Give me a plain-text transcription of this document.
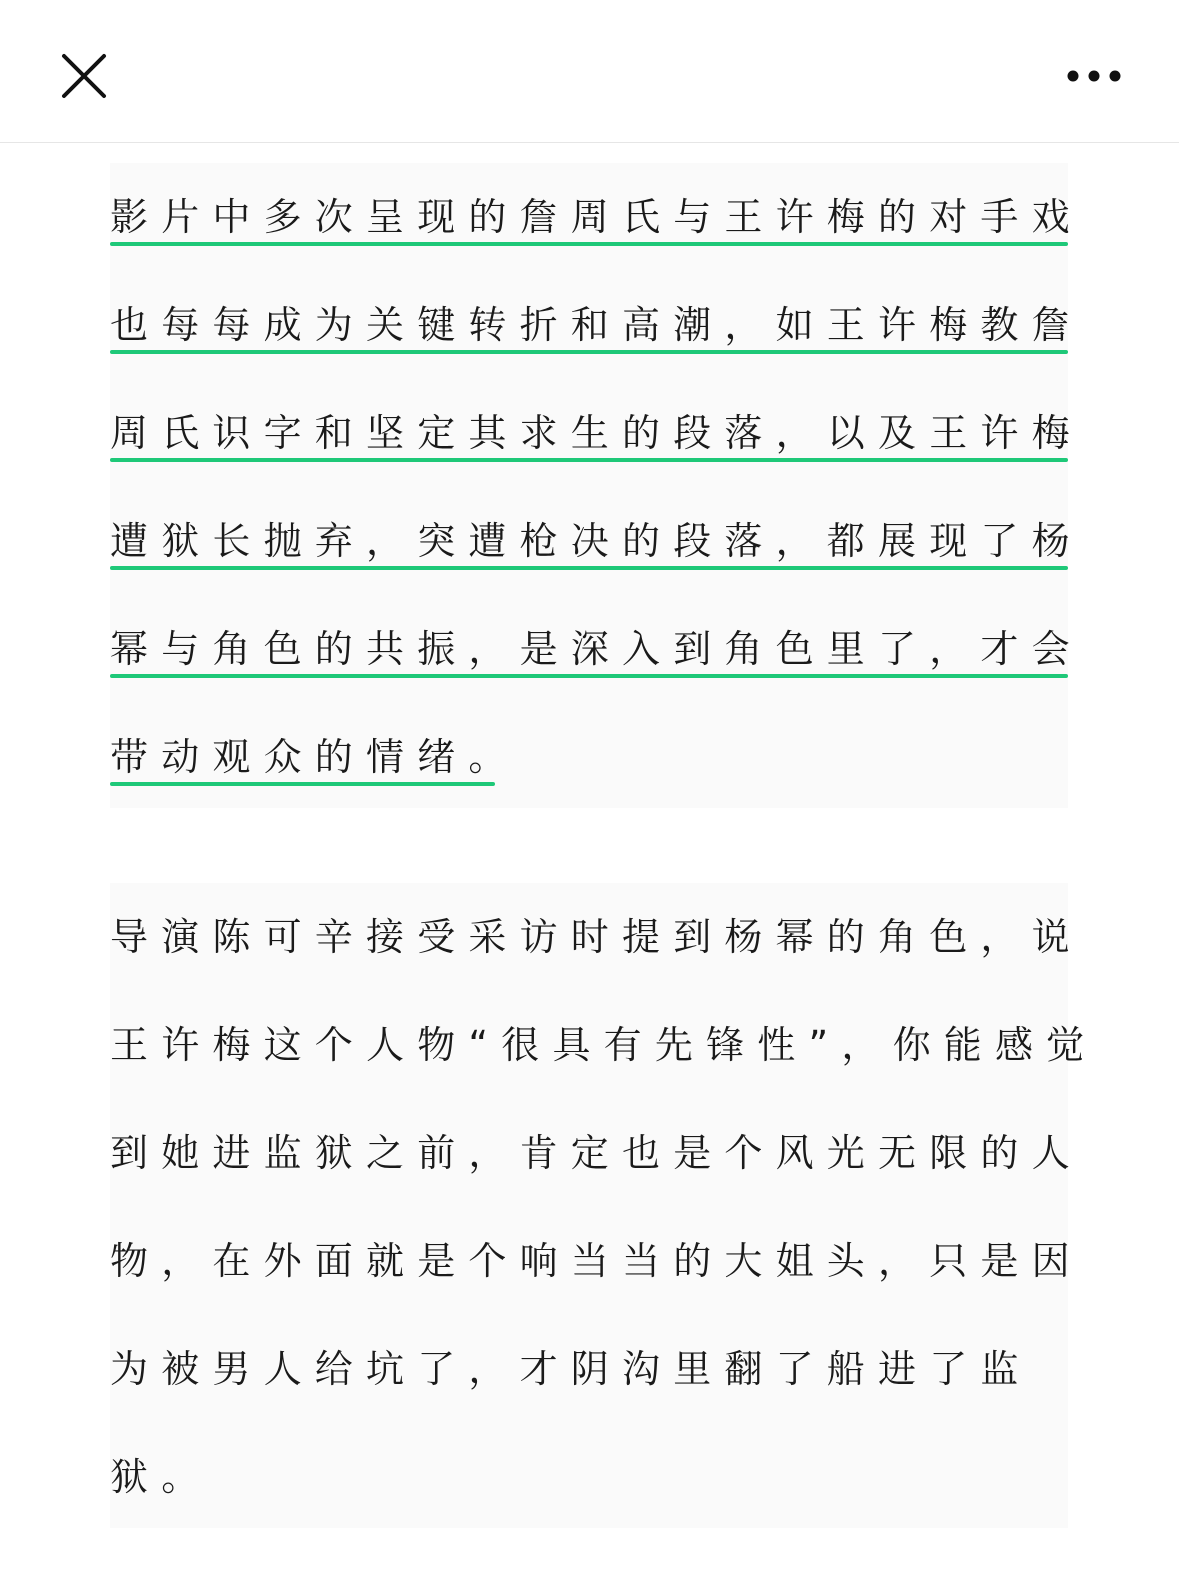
影片中多次呈现的詹周氏与王许梅的对手戏
也每每成为关键转折和高潮，如王许梅教詹
周氏识字和坚定其求生的段落，以及王许梅
遭狱长抛弃，突遭枪决的段落，都展现了杨
幂与角色的共振，是深入到角色里了，才会
带动观众的情绪。
导演陈可辛接受采访时提到杨幂的角色，说
王许梅这个人物“很具有先锋性”，你能感觉
到她进监狱之前，肯定也是个风光无限的人
物，在外面就是个响当当的大姐头，只是因
为被男人给坑了，才阴沟里翻了船进了监
狱。
